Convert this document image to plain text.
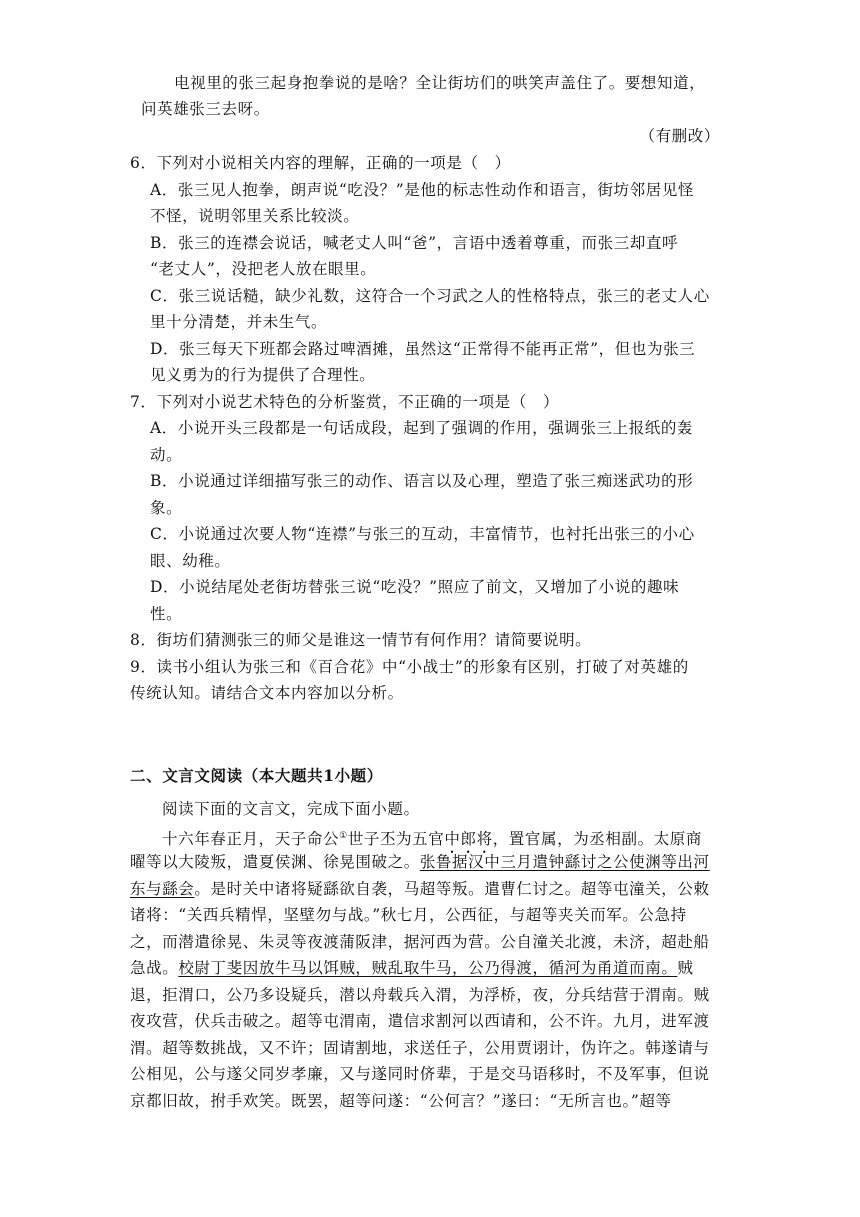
电视里的张三起身抱拳说的是啥？全让街坊们的哄笑声盖住了。要想知道，
问英雄张三去呀。
（有删改）
6．下列对小说相关内容的理解，正确的一项是（　）
A．张三见人抱拳，朗声说“吃没？”是他的标志性动作和语言，街坊邻居见怪
不怪，说明邻里关系比较淡。
B．张三的连襟会说话，喊老丈人叫“爸”，言语中透着尊重，而张三却直呼
“老丈人”，没把老人放在眼里。
C．张三说话糙，缺少礼数，这符合一个习武之人的性格特点，张三的老丈人心
里十分清楚，并未生气。
D．张三每天下班都会路过啤酒摊，虽然这“正常得不能再正常”，但也为张三
见义勇为的行为提供了合理性。
7．下列对小说艺术特色的分析鉴赏，不正确的一项是（　）
A．小说开头三段都是一句话成段，起到了强调的作用，强调张三上报纸的轰
动。
B．小说通过详细描写张三的动作、语言以及心理，塑造了张三痴迷武功的形
象。
C．小说通过次要人物“连襟”与张三的互动，丰富情节，也衬托出张三的小心
眼、幼稚。
D．小说结尾处老街坊替张三说“吃没？”照应了前文，又增加了小说的趣味
性。
8．街坊们猜测张三的师父是谁这一情节有何作用？请简要说明。
9．读书小组认为张三和《百合花》中“小战士”的形象有区别，打破了对英雄的
传统认知。请结合文本内容加以分析。
二、文言文阅读（本大题共1小题）
阅读下面的文言文，完成下面小题。
十六年春正月，天子命公①世子丕为五官中郎将，置官属，为丞相副。太原商
曜等以大陵叛，遣夏侯渊、徐晃围破之。张鲁据汉中三月遣钟繇讨之公使渊等出河
东与繇会。是时关中诸将疑繇欲自袭，马超等叛。遣曹仁讨之。超等屯潼关，公敕
诸将：“关西兵精悍，坚壁勿与战。”秋七月，公西征，与超等夹关而军。公急持
之，而潜遣徐晃、朱灵等夜渡蒲阪津，据河西为营。公自潼关北渡，未济，超赴船
急战。校尉丁斐因放牛马以饵贼，贼乱取牛马，公乃得渡，循河为甬道而南。贼
退，拒渭口，公乃多设疑兵，潜以舟载兵入渭，为浮桥，夜，分兵结营于渭南。贼
夜攻营，伏兵击破之。超等屯渭南，遣信求割河以西请和，公不许。九月，进军渡
渭。超等数挑战，又不许；固请割地，求送任子，公用贾诩计，伪许之。韩遂请与
公相见，公与遂父同岁孝廉，又与遂同时侪辈，于是交马语移时，不及军事，但说
京都旧故，拊手欢笑。既罢，超等问遂：“公何言？”遂曰：“无所言也。”超等
